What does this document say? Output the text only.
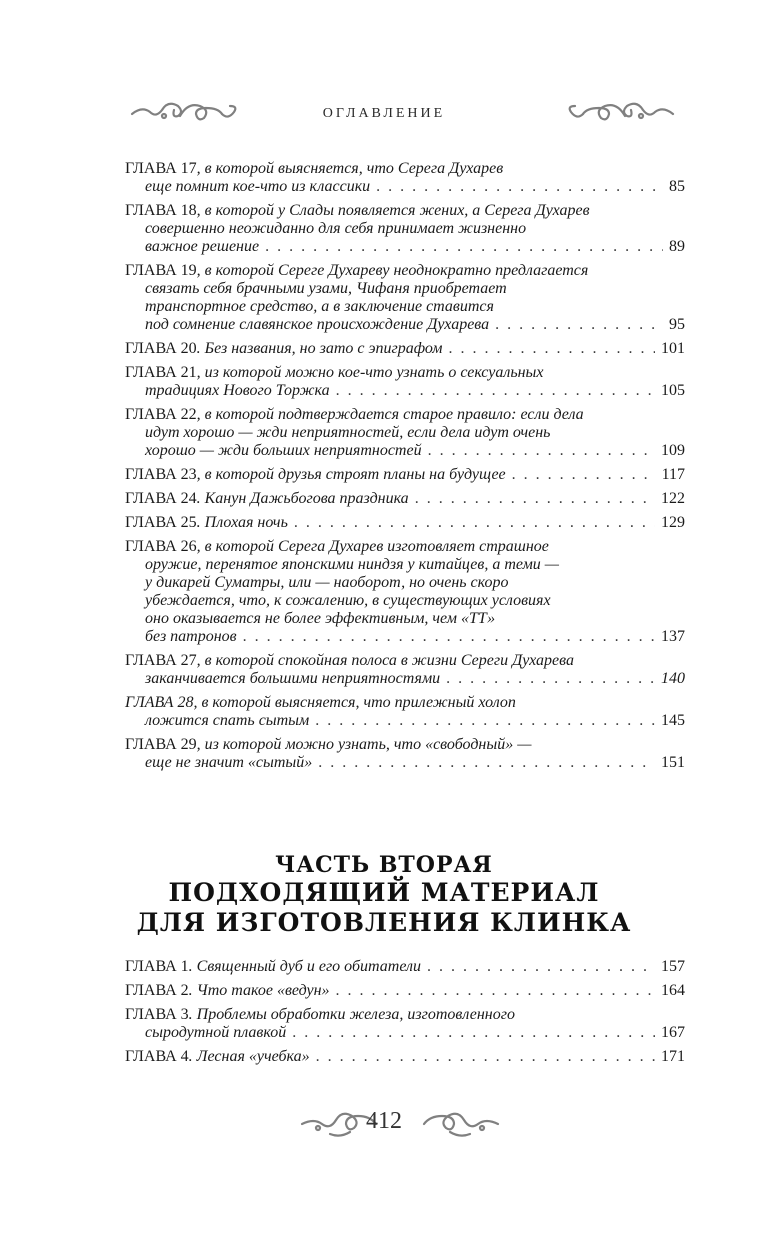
ОГЛАВЛЕНИЕ
ГЛАВА 17, в которой выясняется, что Серега Духарев
еще помнит кое-что из классики . . .	85
ГЛАВА 18, в которой у Слады появляется жених, а Серега Духарев
совершенно неожиданно для себя принимает жизненно
важное решение . . .	89
ГЛАВА 19, в которой Сереге Духареву неоднократно предлагается
связать себя брачными узами, Чифаня приобретает
транспортное средство, а в заключение ставится
под сомнение славянское происхождение Духарева . . .	95
ГЛАВА 20. Без названия, но зато с эпиграфом . . .	101
ГЛАВА 21, из которой можно кое-что узнать о сексуальных
традициях Нового Торжка . . .	105
ГЛАВА 22, в которой подтверждается старое правило: если дела
идут хорошо — жди неприятностей, если дела идут очень
хорошо — жди больших неприятностей . . .	109
ГЛАВА 23, в которой друзья строят планы на будущее . . .	117
ГЛАВА 24. Канун Дажьбогова праздника . . .	122
ГЛАВА 25. Плохая ночь . . .	129
ГЛАВА 26, в которой Серега Духарев изготовляет страшное
оружие, перенятое японскими ниндзя у китайцев, а теми —
у дикарей Суматры, или — наоборот, но очень скоро
убеждается, что, к сожалению, в существующих условиях
оно оказывается не более эффективным, чем «ТТ»
без патронов . . .	137
ГЛАВА 27, в которой спокойная полоса в жизни Сереги Духарева
заканчивается большими неприятностями . . .	140
ГЛАВА 28, в которой выясняется, что прилежный холоп
ложится спать сытым . . .	145
ГЛАВА 29, из которой можно узнать, что «свободный» —
еще не значит «сытый» . . .	151
ЧАСТЬ ВТОРАЯ
ПОДХОДЯЩИЙ МАТЕРИАЛ
ДЛЯ ИЗГОТОВЛЕНИЯ КЛИНКА
ГЛАВА 1. Священный дуб и его обитатели . . .	157
ГЛАВА 2. Что такое «ведун» . . .	164
ГЛАВА 3. Проблемы обработки железа, изготовленного
сыродутной плавкой . . .	167
ГЛАВА 4. Лесная «учебка» . . .	171
412
